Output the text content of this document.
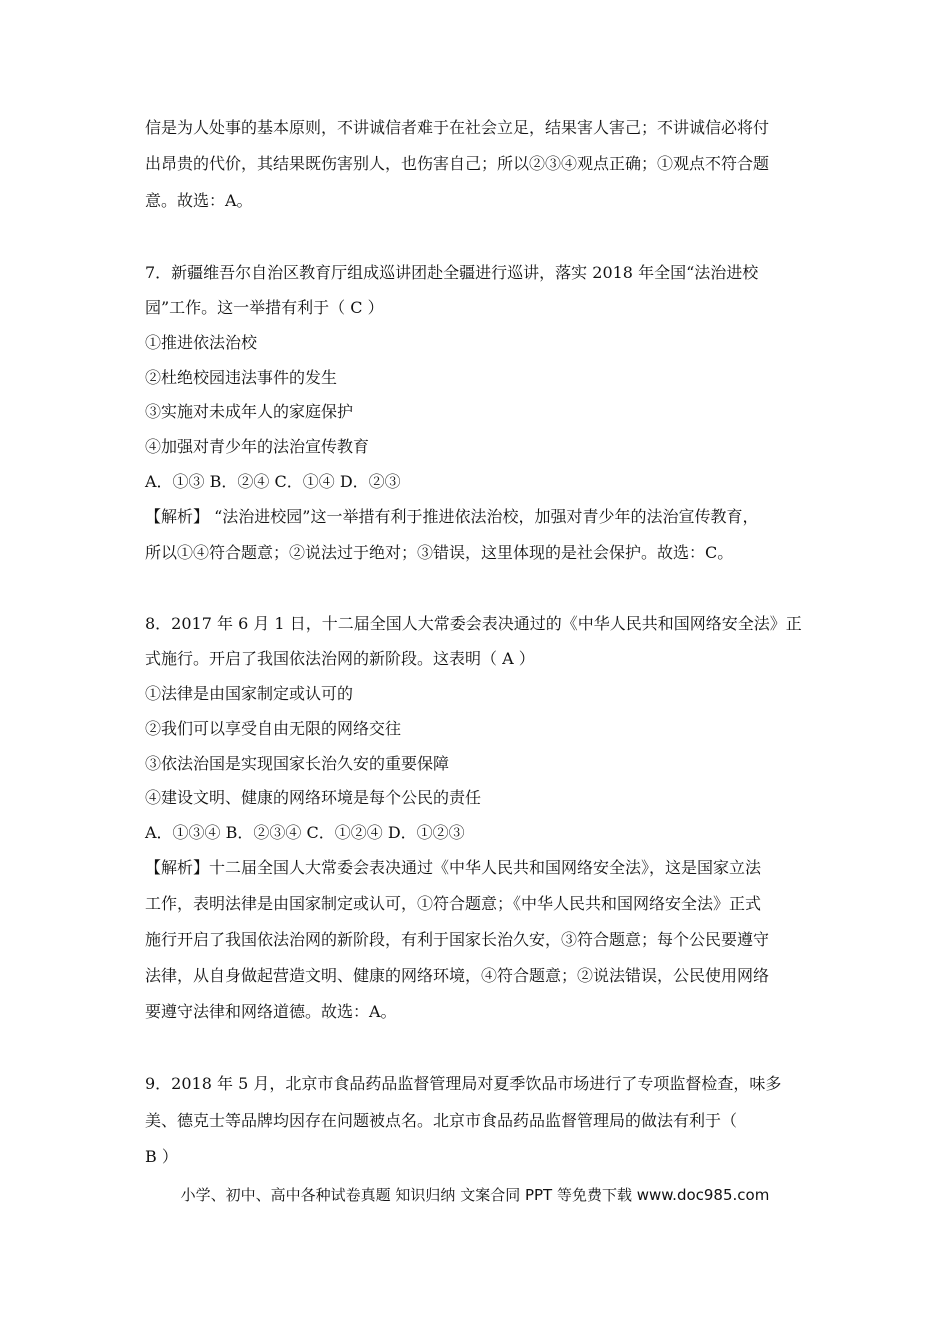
信是为人处事的基本原则，不讲诚信者难于在社会立足，结果害人害己；不讲诚信必将付
出昂贵的代价，其结果既伤害别人，也伤害自己；所以②③④观点正确；①观点不符合题
意。故选：A。
7．新疆维吾尔自治区教育厅组成巡讲团赴全疆进行巡讲，落实 2018 年全国“法治进校
园”工作。这一举措有利于（ C ）
①推进依法治校
②杜绝校园违法事件的发生
③实施对未成年人的家庭保护
④加强对青少年的法治宣传教育
A．①③ B．②④ C．①④ D．②③
【解析】 “法治进校园”这一举措有利于推进依法治校，加强对青少年的法治宣传教育，
所以①④符合题意；②说法过于绝对；③错误，这里体现的是社会保护。故选：C。
8．2017 年 6 月 1 日，十二届全国人大常委会表决通过的《中华人民共和国网络安全法》正
式施行。开启了我国依法治网的新阶段。这表明（ A ）
①法律是由国家制定或认可的
②我们可以享受自由无限的网络交往
③依法治国是实现国家长治久安的重要保障
④建设文明、健康的网络环境是每个公民的责任
A．①③④ B．②③④ C．①②④ D．①②③
【解析】十二届全国人大常委会表决通过《中华人民共和国网络安全法》，这是国家立法
工作，表明法律是由国家制定或认可，①符合题意；《中华人民共和国网络安全法》正式
施行开启了我国依法治网的新阶段，有利于国家长治久安，③符合题意；每个公民要遵守
法律，从自身做起营造文明、健康的网络环境，④符合题意；②说法错误，公民使用网络
要遵守法律和网络道德。故选：A。
9．2018 年 5 月，北京市食品药品监督管理局对夏季饮品市场进行了专项监督检查，味多
美、德克士等品牌均因存在问题被点名。北京市食品药品监督管理局的做法有利于（
B ）
小学、初中、高中各种试卷真题 知识归纳 文案合同 PPT 等免费下载 www.doc985.com
